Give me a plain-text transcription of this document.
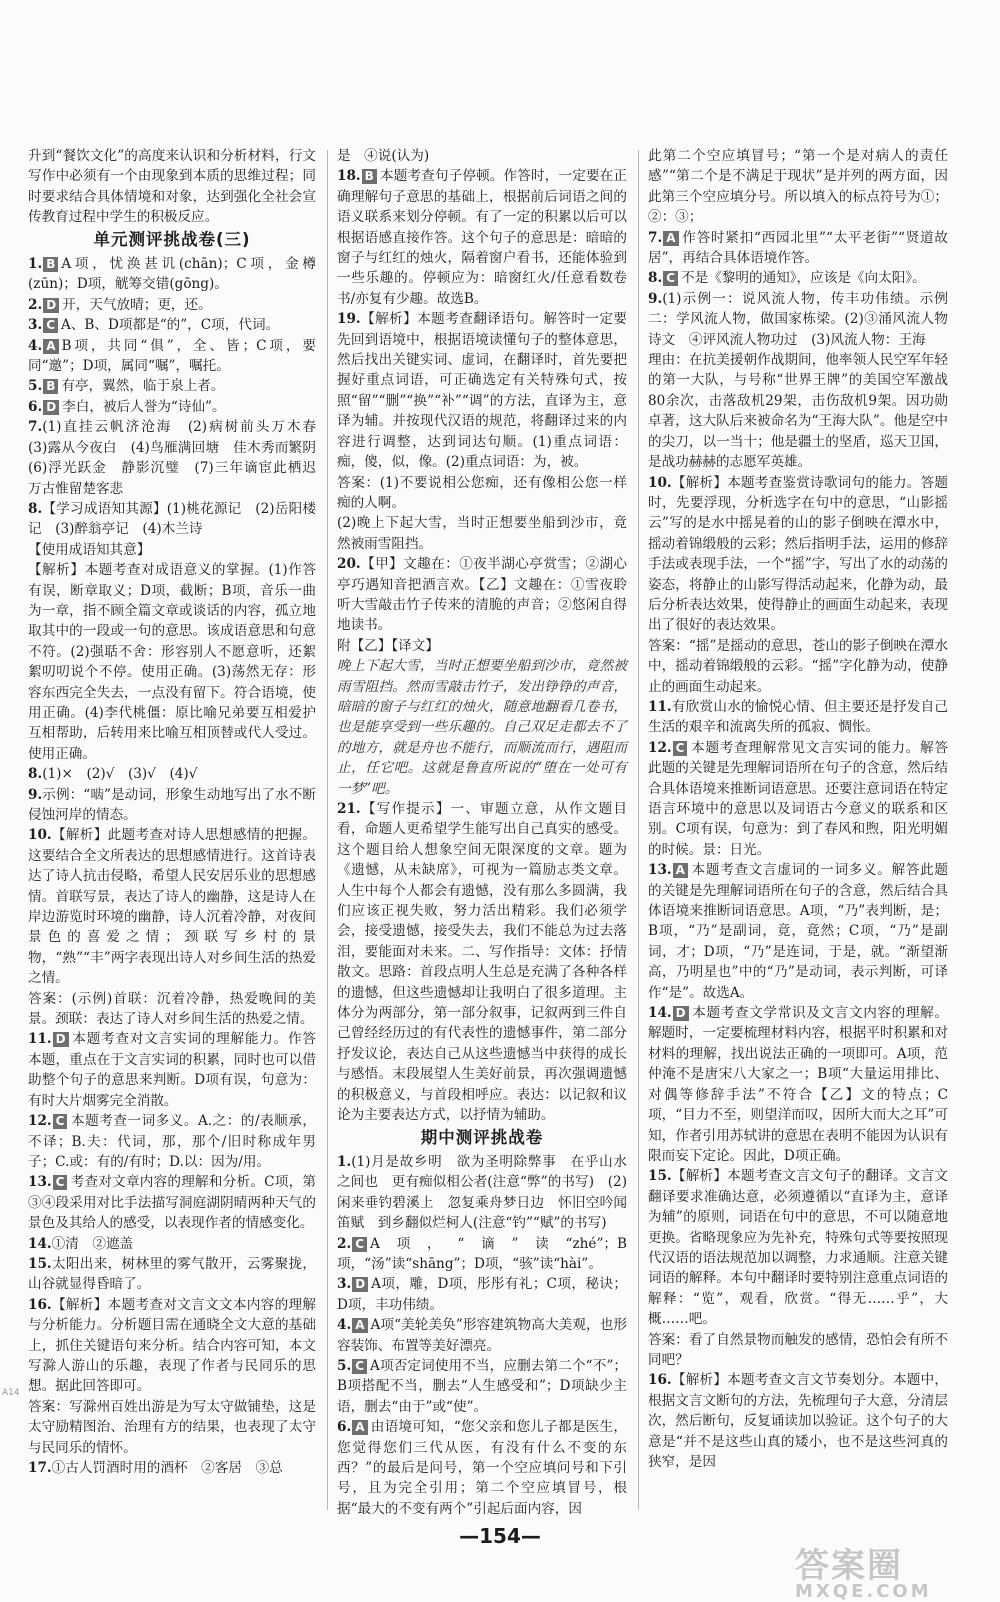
升到“餐饮文化”的高度来认识和分析材料，行文写作中必须有一个由现象到本质的思维过程；同时要求结合具体情境和对象，达到强化全社会宣传教育过程中学生的积极反应。

单元测评挑战卷(三)

1. B A项，忧涣甚讥(chān)；C项，金樽(zūn)；D项，觥筹交错(gōng)。

2. D 开，天气放晴；更，还。

3. C A、B、D项都是“的”，C项，代词。

4. A B项，共同“俱”，全、皆；C项，要同“邀”；D项，属同“嘱”，嘱托。

5. B 有亭，翼然，临于泉上者。

6. D 李白，被后人誉为“诗仙”。

7.(1)直挂云帆济沧海　(2)病树前头万木春　(3)露从今夜白　(4)鸟雁满回塘　佳木秀而繁阴　(6)浮光跃金　静影沉璧　(7)三年谪宦此栖迟　万古惟留楚客悲

8.【学习成语知其源】(1)桃花源记　(2)岳阳楼记　(3)醉翁亭记　(4)木兰诗

【使用成语知其意】

【解析】本题考查对成语意义的掌握。(1)作答有误，断章取义；D项，截断；B项，音乐一曲为一章，指不顾全篇文章或谈话的内容，孤立地取其中的一段或一句的意思。该成语意思和句意不符。(2)强聒不舍：形容别人不愿意听，还絮絮叨叨说个不停。使用正确。(3)荡然无存：形容东西完全失去，一点没有留下。符合语境，使用正确。(4)李代桃僵：原比喻兄弟要互相爱护互相帮助，后转用来比喻互相顶替或代人受过。使用正确。

8.(1)×　(2)√　(3)√　(4)√

9.示例：“啮”是动词，形象生动地写出了水不断侵蚀河岸的情态。

10.【解析】此题考查对诗人思想感情的把握。这要结合全文所表达的思想感情进行。这首诗表达了诗人抗击侵略，希望人民安居乐业的思想感情。首联写景，表达了诗人的幽静，这是诗人在岸边游览时环境的幽静，诗人沉着冷静，对夜间景色的喜爱之情；颈联写乡村的景物，“熟”“丰”两字表现出诗人对乡间生活的热爱之情。

答案：(示例)首联：沉着冷静，热爱晚间的美景。颈联：表达了诗人对乡间生活的热爱之情。

11. D 本题考查对文言实词的理解能力。作答本题，重点在于文言实词的积累，同时也可以借助整个句子的意思来判断。D项有误，句意为：有时大片烟雾完全消散。

12. C 本题考查一词多义。A.之：的/表顺承，不译；B.夫：代词，那，那个/旧时称成年男子；C.或：有的/有时；D.以：因为/用。

13. C 考查对文章内容的理解和分析。C项，第③④段采用对比手法描写洞庭湖阴晴两种天气的景色及其给人的感受，以表现作者的情感变化。

14.①清　②遮盖

15.太阳出来，树林里的雾气散开，云雾聚拢，山谷就显得昏暗了。

16.【解析】本题考查对文言文文本内容的理解与分析能力。分析题目需在通晓全文大意的基础上，抓住关键语句来分析。结合内容可知，本文写滁人游山的乐趣，表现了作者与民同乐的思想。据此回答即可。

答案：写滁州百姓出游是为写太守做铺垫，这是太守励精图治、治理有方的结果，也表现了太守与民同乐的情怀。

17.①古人罚酒时用的酒杯　②客居　③总

是　④说(认为)

18. B 本题考查句子停顿。作答时，一定要在正确理解句子意思的基础上，根据前后词语之间的语义联系来划分停顿。有了一定的积累以后可以根据语感直接作答。这个句子的意思是：暗暗的窗子与红红的烛火，隔着窗户看书，还能体验到一些乐趣的。停顿应为：暗窗红火/任意看数卷书/亦复有少趣。故选B。

19.【解析】本题考查翻译语句。解答时一定要先回到语境中，根据语境读懂句子的整体意思，然后找出关键实词、虚词，在翻译时，首先要把握好重点词语，可正确选定有关特殊句式，按照“留”“删”“换”“补”“调”的方法，直译为主，意译为辅。并按现代汉语的规范，将翻译过来的内容进行调整，达到词达句顺。(1)重点词语：痴，傻，似，像。(2)重点词语：为，被。

答案：(1)不要说相公您痴，还有像相公您一样痴的人啊。

(2)晚上下起大雪，当时正想要坐船到沙市，竟然被雨雪阻挡。

20.【甲】文趣在：①夜半湖心亭赏雪；②湖心亭巧遇知音把酒言欢。【乙】文趣在：①雪夜聆听大雪敲击竹子传来的清脆的声音；②悠闲自得地读书。

附【乙】【译文】

晚上下起大雪，当时正想要坐船到沙市，竟然被雨雪阻挡。然而雪敲击竹子，发出铮铮的声音，暗暗的窗子与红红的烛火，随意地翻看几卷书，也是能享受到一些乐趣的。自己双足走都去不了的地方，就是舟也不能行，而顺流而行，遇阻而止，任它吧。这就是鲁直所说的“堕在一处可有一梦”吧。

21.【写作提示】一、审题立意，从作文题目看，命题人更希望学生能写出自己真实的感受。这个题目给人想象空间无限深度的文章。题为《遗憾，从未缺席》，可视为一篇励志类文章。人生中每个人都会有遗憾，没有那么多圆满，我们应该正视失败，努力活出精彩。我们必须学会，接受遗憾，接受失去，我们不能总为过去落泪，要能面对未来。二、写作指导：文体：抒情散文。思路：首段点明人生总是充满了各种各样的遗憾，但这些遗憾却让我明白了很多道理。主体分为两部分，第一部分叙事，记叙两到三件自己曾经经历过的有代表性的遗憾事件，第二部分抒发议论，表达自己从这些遗憾当中获得的成长与感悟。末段展望人生美好前景，再次强调遗憾的积极意义，与首段相呼应。表达：以记叙和议论为主要表达方式，以抒情为辅助。

期中测评挑战卷

1.(1)月是故乡明　欲为圣明除弊事　在乎山水之间也　更有痴似相公者(注意“弊”的书写)　(2)闲来垂钓碧溪上　忽复乘舟梦日边　怀旧空吟闻笛赋　到乡翻似烂柯人(注意“钓”“赋”的书写)

2. C A项，“谪”读“zhé”；B项，“汤”读“shāng”；D项，“骇”读“hài”。

3. D A项，雕，D项，彤彤有礼；C项，秘诀；D项，丰功伟绩。

4. A A项“美轮美奂”形容建筑物高大美观，也形容装饰、布置等美好漂亮。

5. C A项否定词使用不当，应删去第二个“不”；B项搭配不当，删去“人生感受和”；D项缺少主语，删去“由于”或“使”。

6. A 由语境可知，“您父亲和您儿子都是医生，您觉得您们三代从医，有没有什么不变的东西？”的最后是问号，第一个空应填问号和下引号，且为完全引用；第二个空应填冒号，根据“最大的不变有两个”引起后面内容，因

此第二个空应填冒号；“第一个是对病人的责任感”“第二个是不满足于现状”是并列的两方面，因此第三个空应填分号。所以填入的标点符号为①；②：③；

7. A 作答时紧扣“西园北里”“太平老街”“贤道故居”，再结合具体语境作答。

8. C 不是《黎明的通知》，应该是《向太阳》。

9.(1)示例一：说风流人物，传丰功伟绩。示例二：学风流人物，做国家栋梁。(2)③涌风流人物诗文　④评风流人物功过　(3)风流人物：王海

理由：在抗美援朝作战期间，他率领人民空军年轻的第一大队，与号称“世界王牌”的美国空军激战80余次，击落敌机29架，击伤敌机9架。因功勋卓著，这大队后来被命名为“王海大队”。他是空中的尖刀，以一当十；他是疆土的坚盾，巡天卫国，是战功赫赫的志愿军英雄。

10.【解析】本题考查鉴赏诗歌词句的能力。答题时，先要浮现，分析选字在句中的意思，“山影摇云”写的是水中摇晃着的山的影子倒映在潭水中，摇动着锦缎般的云彩；然后指明手法，运用的修辞手法或表现手法，一个“摇”字，写出了水的动荡的姿态，将静止的山影写得活动起来，化静为动，最后分析表达效果，使得静止的画面生动起来，表现出了很好的表达效果。

答案：“摇”是摇动的意思，苍山的影子倒映在潭水中，摇动着锦缎般的云彩。“摇”字化静为动，使静止的画面生动起来。

11.有欣赏山水的愉悦心情、但主要还是抒发自己生活的艰辛和流离失所的孤寂、惆怅。

12. C 本题考查理解常见文言实词的能力。解答此题的关键是先理解词语所在句子的含意，然后结合具体语境来推断词语意思。还要注意词语在特定语言环境中的意思以及词语古今意义的联系和区别。C项有误，句意为：到了春风和煦，阳光明媚的时候。景：日光。

13. A 本题考查文言虚词的一词多义。解答此题的关键是先理解词语所在句子的含意，然后结合具体语境来推断词语意思。A项，“乃”表判断，是；B项，“乃”是副词，竟，竟然；C项，“乃”是副词，才；D项，“乃”是连词，于是，就。“渐望渐高，乃明星也”中的“乃”是动词，表示判断，可译作“是”。故选A。

14. D 本题考查文学常识及文言文内容的理解。解题时，一定要梳理材料内容，根据平时积累和对材料的理解，找出说法正确的一项即可。A项，范仲淹不是唐宋八大家之一；B项“大量运用排比、对偶等修辞手法”不符合【乙】文的特点；C项，“目力不至，则望洋而叹，因所大而大之耳”可知，作者引用苏轼讲的意思在表明不能因为认识有限而妄下定论。因此，D项正确。

15.【解析】本题考查文言文句子的翻译。文言文翻译要求准确达意，必须遵循以“直译为主，意译为辅”的原则，词语在句中的意思，不可以随意地更换。省略现象应为先补充，特殊句式等要按照现代汉语的语法规范加以调整，力求通顺。注意关键词语的解释。本句中翻译时要特别注意重点词语的解释：“览”，观看，欣赏。“得无……乎”，大概……吧。

答案：看了自然景物而触发的感情，恐怕会有所不同吧？

16.【解析】本题考查文言文节奏划分。本题中，根据文言文断句的方法，先梳理句子大意，分清层次，然后断句，反复诵读加以验证。这个句子的大意是“并不是这些山真的矮小，也不是这些河真的狭窄，是因

A14
—154—
答案圈
MXQE.COM
